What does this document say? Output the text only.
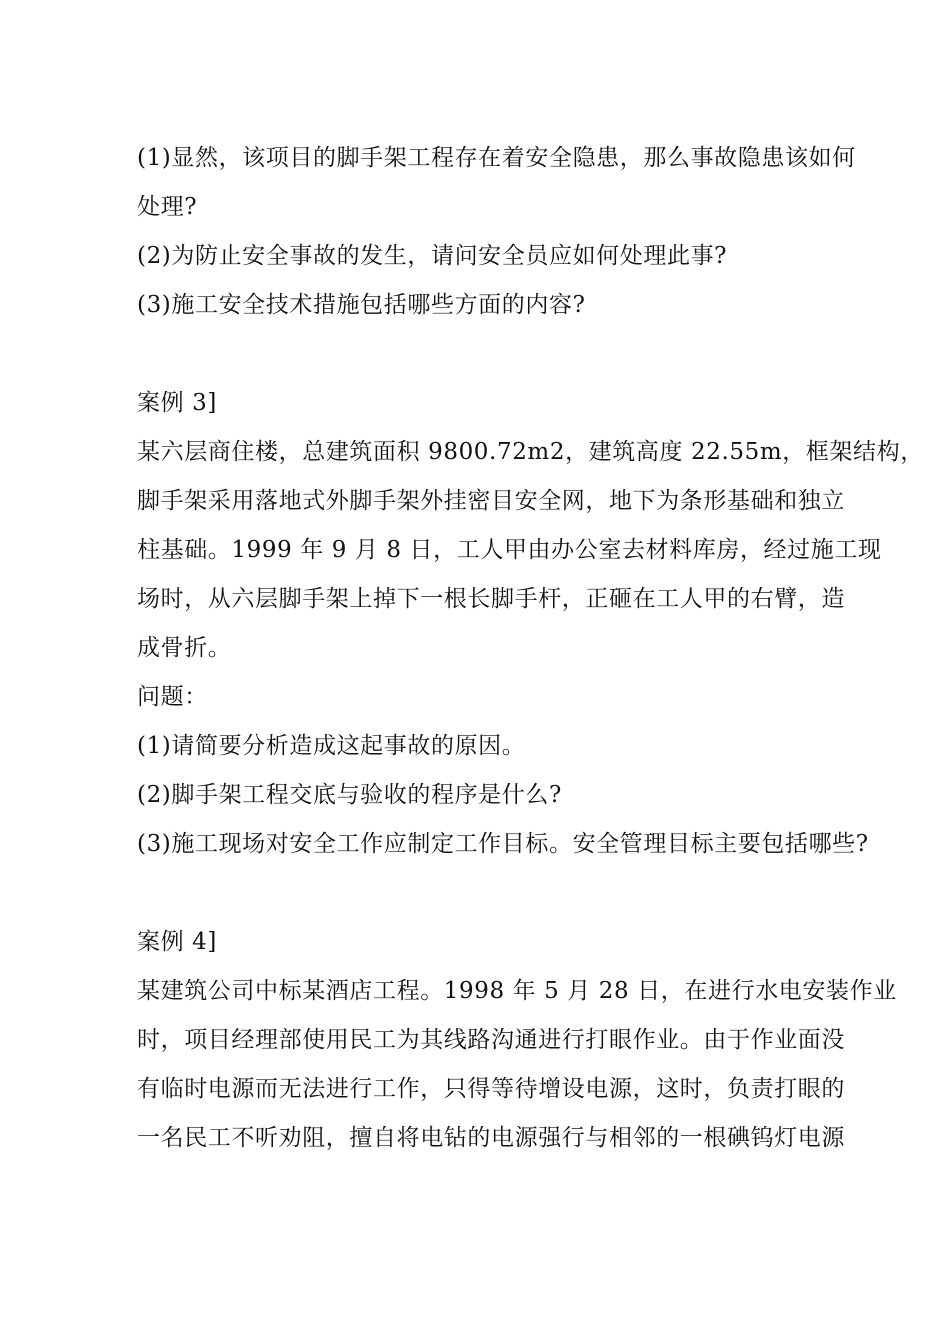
(1)显然，该项目的脚手架工程存在着安全隐患，那么事故隐患该如何
处理?
(2)为防止安全事故的发生，请问安全员应如何处理此事?
(3)施工安全技术措施包括哪些方面的内容?
案例 3]
某六层商住楼，总建筑面积 9800.72m2，建筑高度 22.55m，框架结构，
脚手架采用落地式外脚手架外挂密目安全网，地下为条形基础和独立
柱基础。1999 年 9 月 8 日，工人甲由办公室去材料库房，经过施工现
场时，从六层脚手架上掉下一根长脚手杆，正砸在工人甲的右臂，造
成骨折。
问题：
(1)请简要分析造成这起事故的原因。
(2)脚手架工程交底与验收的程序是什么?
(3)施工现场对安全工作应制定工作目标。安全管理目标主要包括哪些?
案例 4]
某建筑公司中标某酒店工程。1998 年 5 月 28 日，在进行水电安装作业
时，项目经理部使用民工为其线路沟通进行打眼作业。由于作业面没
有临时电源而无法进行工作，只得等待增设电源，这时，负责打眼的
一名民工不听劝阻，擅自将电钻的电源强行与相邻的一根碘钨灯电源
